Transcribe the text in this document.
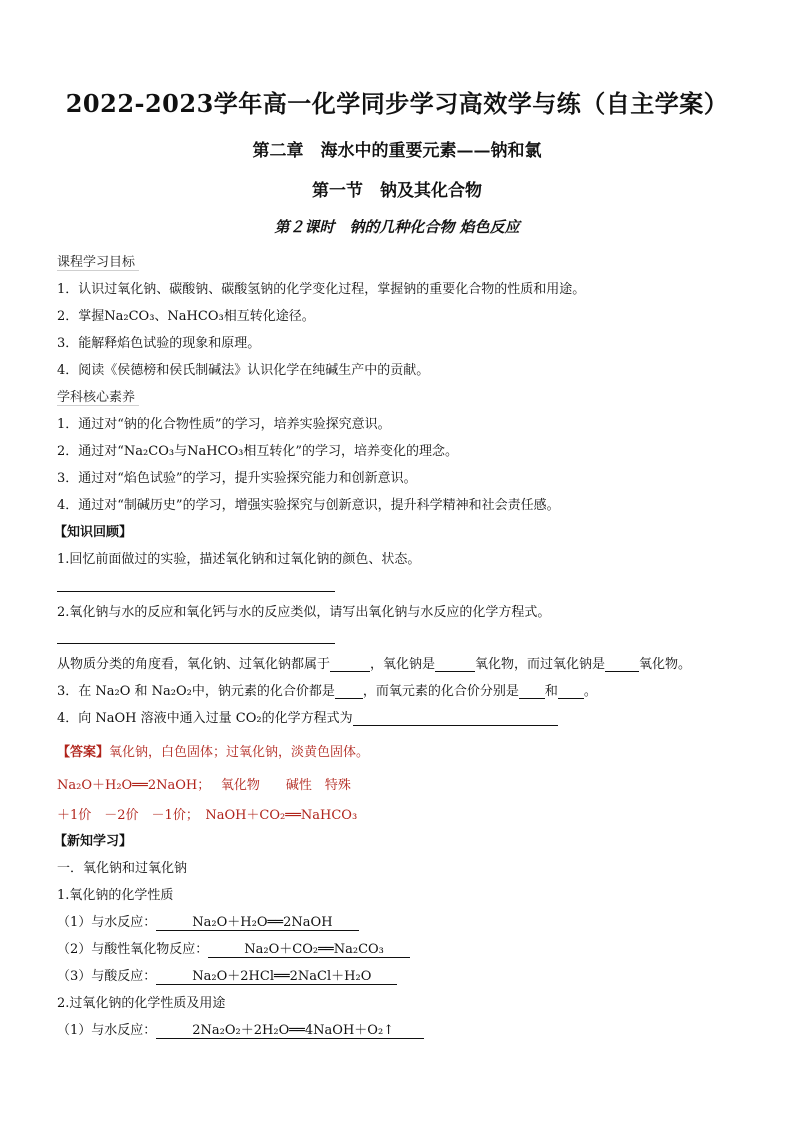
2022-2023学年高一化学同步学习高效学与练（自主学案）
第二章　海水中的重要元素——钠和氯
第一节　钠及其化合物
第２课时　钠的几种化合物 焰色反应
课程学习目标
1．认识过氧化钠、碳酸钠、碳酸氢钠的化学变化过程，掌握钠的重要化合物的性质和用途。
2．掌握Na₂CO₃、NaHCO₃相互转化途径。
3．能解释焰色试验的现象和原理。
4．阅读《侯德榜和侯氏制碱法》认识化学在纯碱生产中的贡献。
学科核心素养
1．通过对“钠的化合物性质”的学习，培养实验探究意识。
2．通过对“Na₂CO₃与NaHCO₃相互转化”的学习，培养变化的理念。
3．通过对“焰色试验”的学习，提升实验探究能力和创新意识。
4．通过对“制碱历史”的学习，增强实验探究与创新意识，提升科学精神和社会责任感。
【知识回顾】
1.回忆前面做过的实验，描述氧化钠和过氧化钠的颜色、状态。
2.氧化钠与水的反应和氧化钙与水的反应类似，请写出氧化钠与水反应的化学方程式。
从物质分类的角度看，氧化钠、过氧化钠都属于	，氧化钠是	氧化物，而过氧化钠是	氧化物。
3．在 Na₂O 和 Na₂O₂中，钠元素的化合价都是 ，而氧元素的化合价分别是 和 。
4．向 NaOH 溶液中通入过量 CO₂的化学方程式为
【答案】氧化钠，白色固体；过氧化钠，淡黄色固体。
Na₂O＋H₂O══2NaOH；　 氧化物　　碱性　特殊
＋1价　－2价　－1价；　NaOH＋CO₂══NaHCO₃
【新知学习】
一．氧化钠和过氧化钠
1.氧化钠的化学性质
（1）与水反应：	Na₂O＋H₂O══2NaOH
（2）与酸性氧化物反应：	Na₂O＋CO₂══Na₂CO₃
（3）与酸反应：	Na₂O＋2HCl══2NaCl＋H₂O
2.过氧化钠的化学性质及用途
（1）与水反应：	2Na₂O₂＋2H₂O══4NaOH＋O₂↑
